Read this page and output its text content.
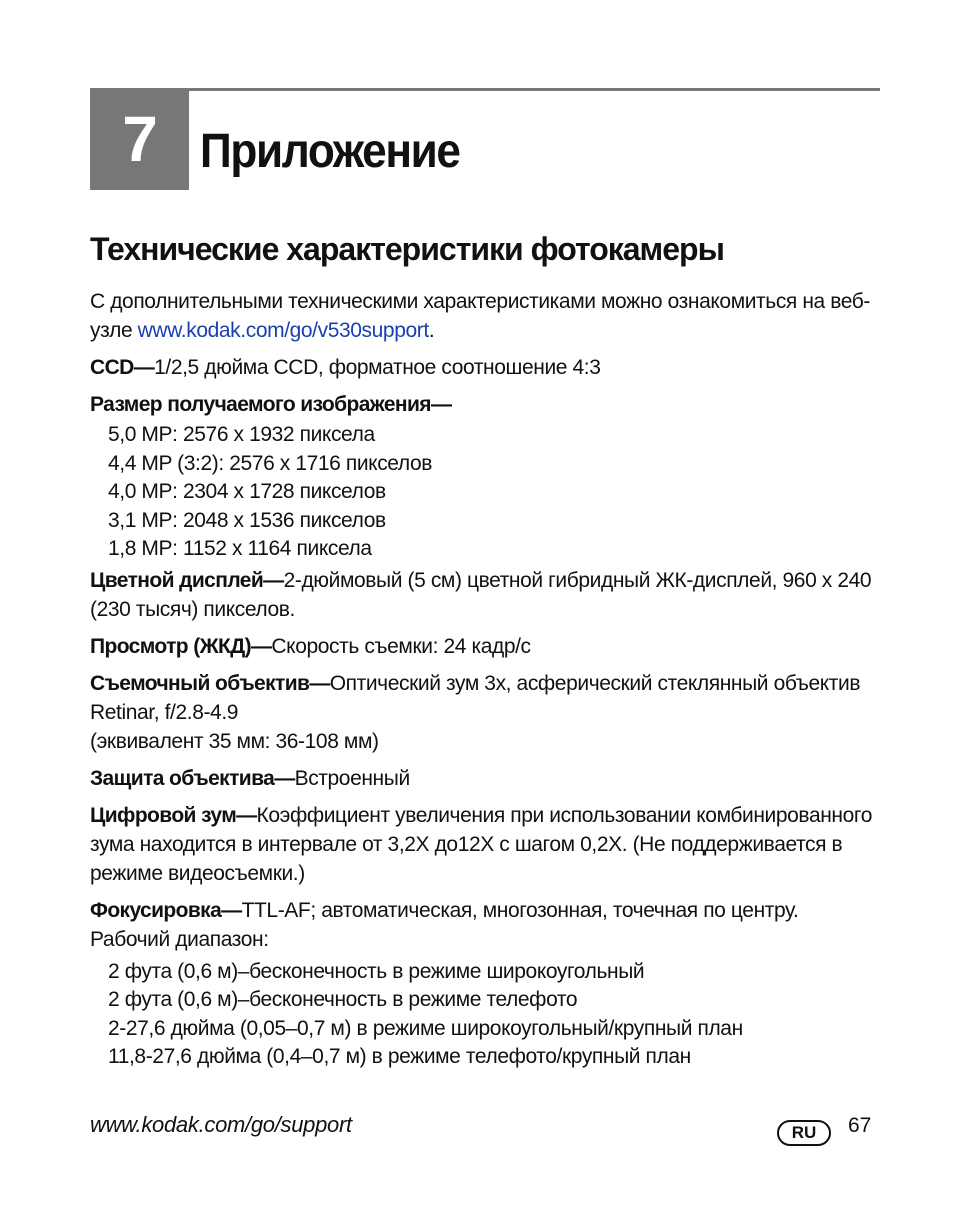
7 Приложение
Технические характеристики фотокамеры

С дополнительными техническими характеристиками можно ознакомиться на веб-узле www.kodak.com/go/v530support.

CCD—1/2,5 дюйма CCD, форматное соотношение 4:3

Размер получаемого изображения—

5,0 MP: 2576 x 1932 пиксела
4,4 MP (3:2): 2576 x 1716 пикселов
4,0 MP: 2304 x 1728 пикселов
3,1 MP: 2048 x 1536 пикселов
1,8 MP: 1152 x 1164 пиксела

Цветной дисплей—2-дюймовый (5 см) цветной гибридный ЖК-дисплей, 960 x 240 (230 тысяч) пикселов.

Просмотр (ЖКД)—Скорость съемки: 24 кадр/с

Съемочный объектив—Оптический зум 3х, асферический стеклянный объектив Retinar, f/2.8-4.9
(эквивалент 35 мм: 36-108 мм)

Защита объектива—Встроенный

Цифровой зум—Коэффициент увеличения при использовании комбинированного зума находится в интервале от 3,2X до12X с шагом 0,2X. (Не поддерживается в режиме видеосъемки.)

Фокусировка—TTL-AF; автоматическая, многозонная, точечная по центру. Рабочий диапазон:

2 фута (0,6 м)–бесконечность в режиме широкоугольный
2 фута (0,6 м)–бесконечность в режиме телефото
2-27,6 дюйма (0,05–0,7 м) в режиме широкоугольный/крупный план
11,8-27,6 дюйма (0,4–0,7 м) в режиме телефото/крупный план
www.kodak.com/go/support	RU	67
